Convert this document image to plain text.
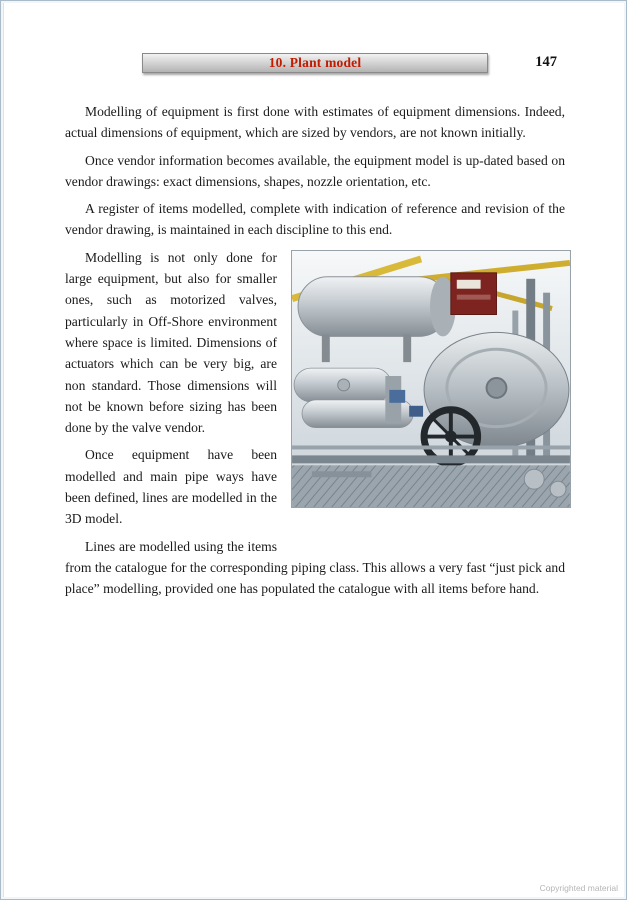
10. Plant model	147

Modelling of equipment is first done with estimates of equipment dimensions. Indeed, actual dimensions of equipment, which are sized by vendors, are not known initially.

Once vendor information becomes available, the equipment model is up-dated based on vendor drawings: exact dimensions, shapes, nozzle orientation, etc.

A register of items modelled, complete with indication of reference and revision of the vendor drawing, is maintained in each discipline to this end.

Modelling is not only done for large equipment, but also for smaller ones, such as motorized valves, particularly in Off-Shore environment where space is limited. Dimensions of actuators which can be very big, are non standard. Those dimensions will not be known before sizing has been done by the valve vendor.

Once equipment have been modelled and main pipe ways have been defined, lines are modelled in the 3D model.

Lines are modelled using the items from the catalogue for the corresponding piping class. This allows a very fast “just pick and place” modelling, provided one has populated the catalogue with all items before hand.

Copyrighted material
